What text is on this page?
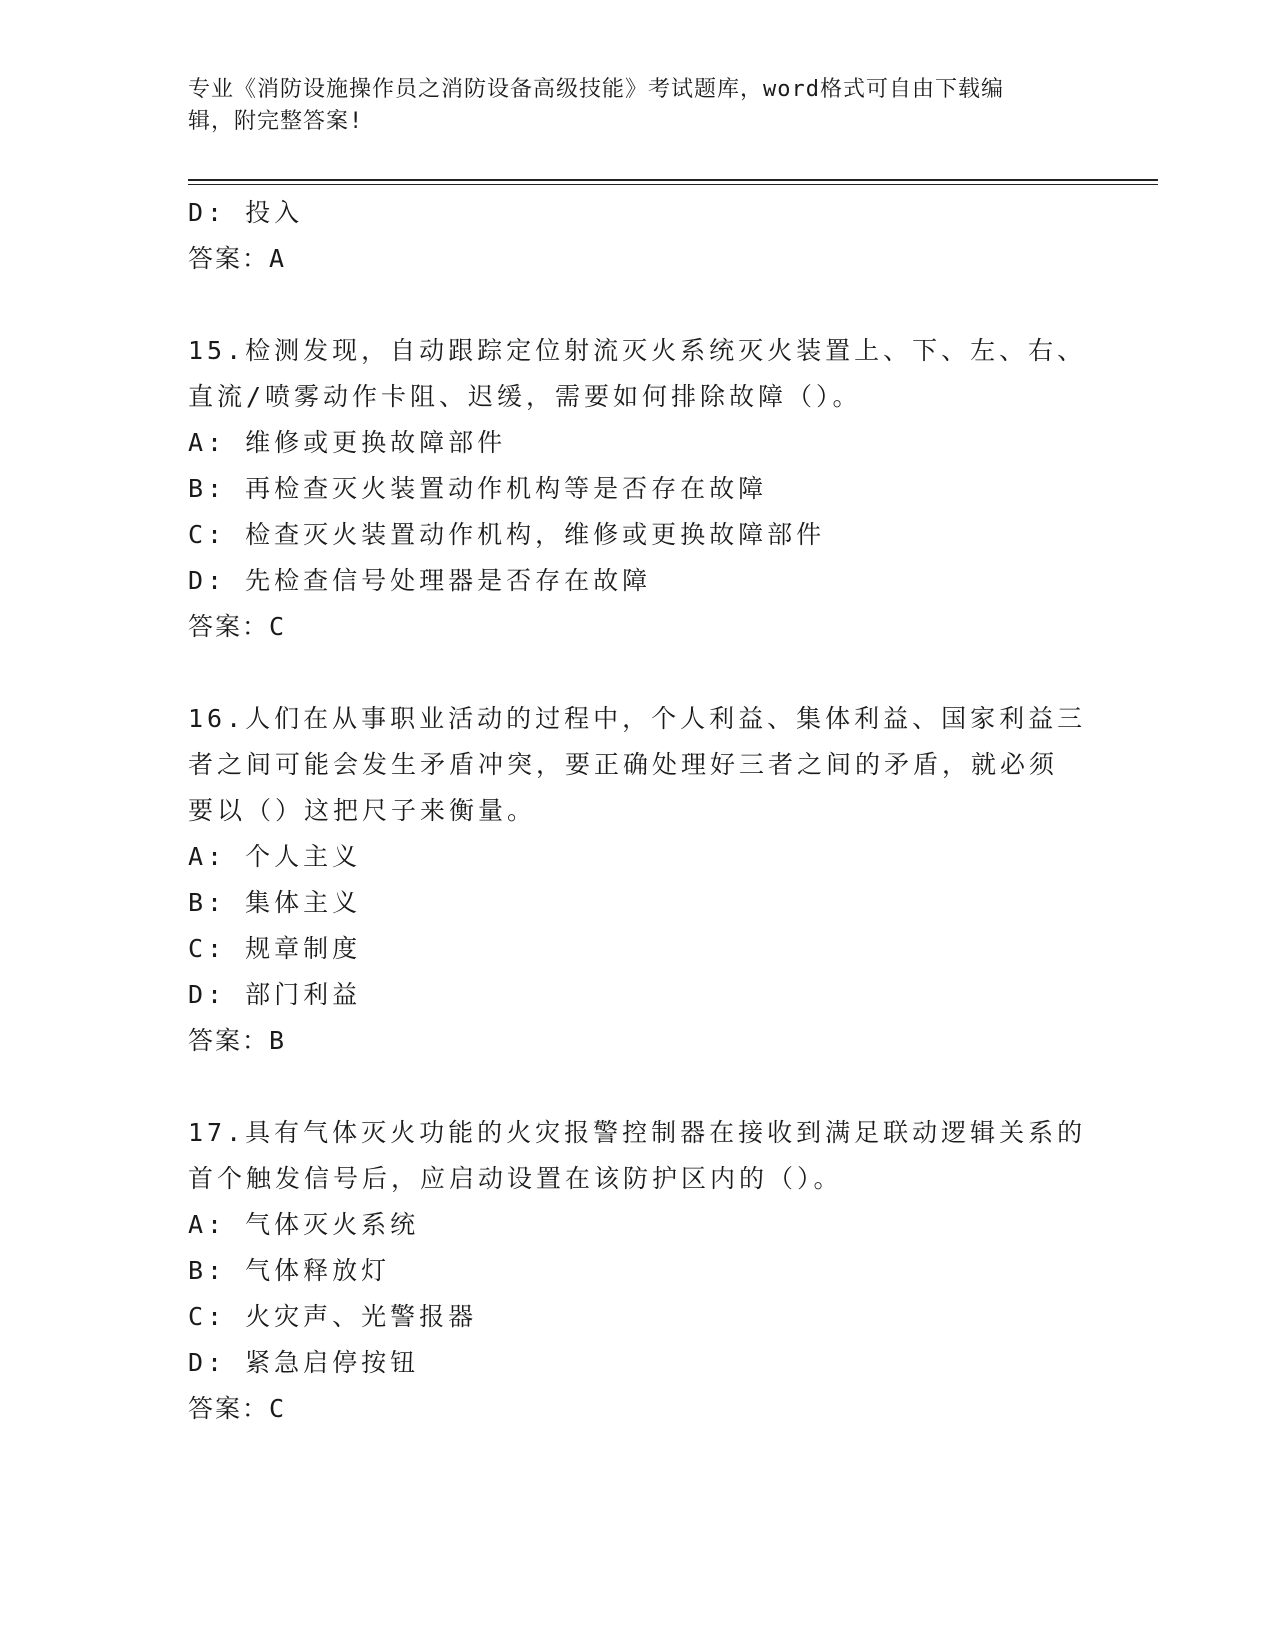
专业《消防设施操作员之消防设备高级技能》考试题库，word格式可自由下载编
辑，附完整答案!
D: 投入
答案：A
15.检测发现，自动跟踪定位射流灭火系统灭火装置上、下、左、右、
直流/喷雾动作卡阻、迟缓，需要如何排除故障（）。
A: 维修或更换故障部件
B: 再检查灭火装置动作机构等是否存在故障
C: 检查灭火装置动作机构，维修或更换故障部件
D: 先检查信号处理器是否存在故障
答案：C
16.人们在从事职业活动的过程中，个人利益、集体利益、国家利益三
者之间可能会发生矛盾冲突，要正确处理好三者之间的矛盾，就必须
要以（）这把尺子来衡量。
A: 个人主义
B: 集体主义
C: 规章制度
D: 部门利益
答案：B
17.具有气体灭火功能的火灾报警控制器在接收到满足联动逻辑关系的
首个触发信号后，应启动设置在该防护区内的（）。
A: 气体灭火系统
B: 气体释放灯
C: 火灾声、光警报器
D: 紧急启停按钮
答案：C
